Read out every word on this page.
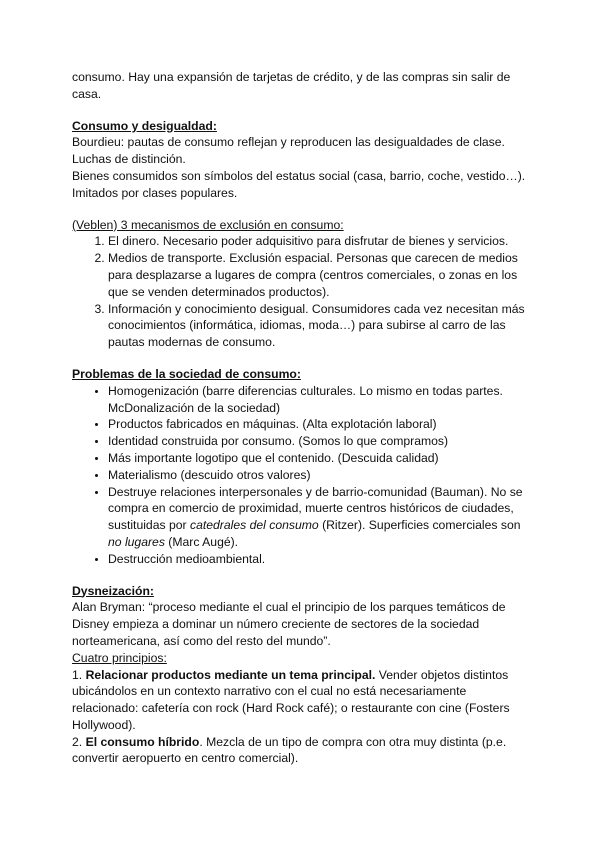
consumo. Hay una expansión de tarjetas de crédito, y de las compras sin salir de casa.

Consumo y desigualdad:

Bourdieu: pautas de consumo reflejan y reproducen las desigualdades de clase.

Luchas de distinción.

Bienes consumidos son símbolos del estatus social (casa, barrio, coche, vestido…).

Imitados por clases populares.

(Veblen) 3 mecanismos de exclusión en consumo:

1. El dinero. Necesario poder adquisitivo para disfrutar de bienes y servicios.
2. Medios de transporte. Exclusión espacial. Personas que carecen de medios para desplazarse a lugares de compra (centros comerciales, o zonas en los que se venden determinados productos).
3. Información y conocimiento desigual. Consumidores cada vez necesitan más conocimientos (informática, idiomas, moda…) para subirse al carro de las pautas modernas de consumo.

Problemas de la sociedad de consumo:

• Homogenización (barre diferencias culturales. Lo mismo en todas partes. McDonalización de la sociedad)
• Productos fabricados en máquinas. (Alta explotación laboral)
• Identidad construida por consumo. (Somos lo que compramos)
• Más importante logotipo que el contenido. (Descuida calidad)
• Materialismo (descuido otros valores)
• Destruye relaciones interpersonales y de barrio-comunidad (Bauman). No se compra en comercio de proximidad, muerte centros históricos de ciudades, sustituidas por catedrales del consumo (Ritzer). Superficies comerciales son no lugares (Marc Augé).
• Destrucción medioambiental.

Dysneización:

Alan Bryman: “proceso mediante el cual el principio de los parques temáticos de Disney empieza a dominar un número creciente de sectores de la sociedad norteamericana, así como del resto del mundo”.

Cuatro principios:

1. Relacionar productos mediante un tema principal. Vender objetos distintos ubicándolos en un contexto narrativo con el cual no está necesariamente relacionado: cafetería con rock (Hard Rock café); o restaurante con cine (Fosters Hollywood).

2. El consumo híbrido. Mezcla de un tipo de compra con otra muy distinta (p.e. convertir aeropuerto en centro comercial).
